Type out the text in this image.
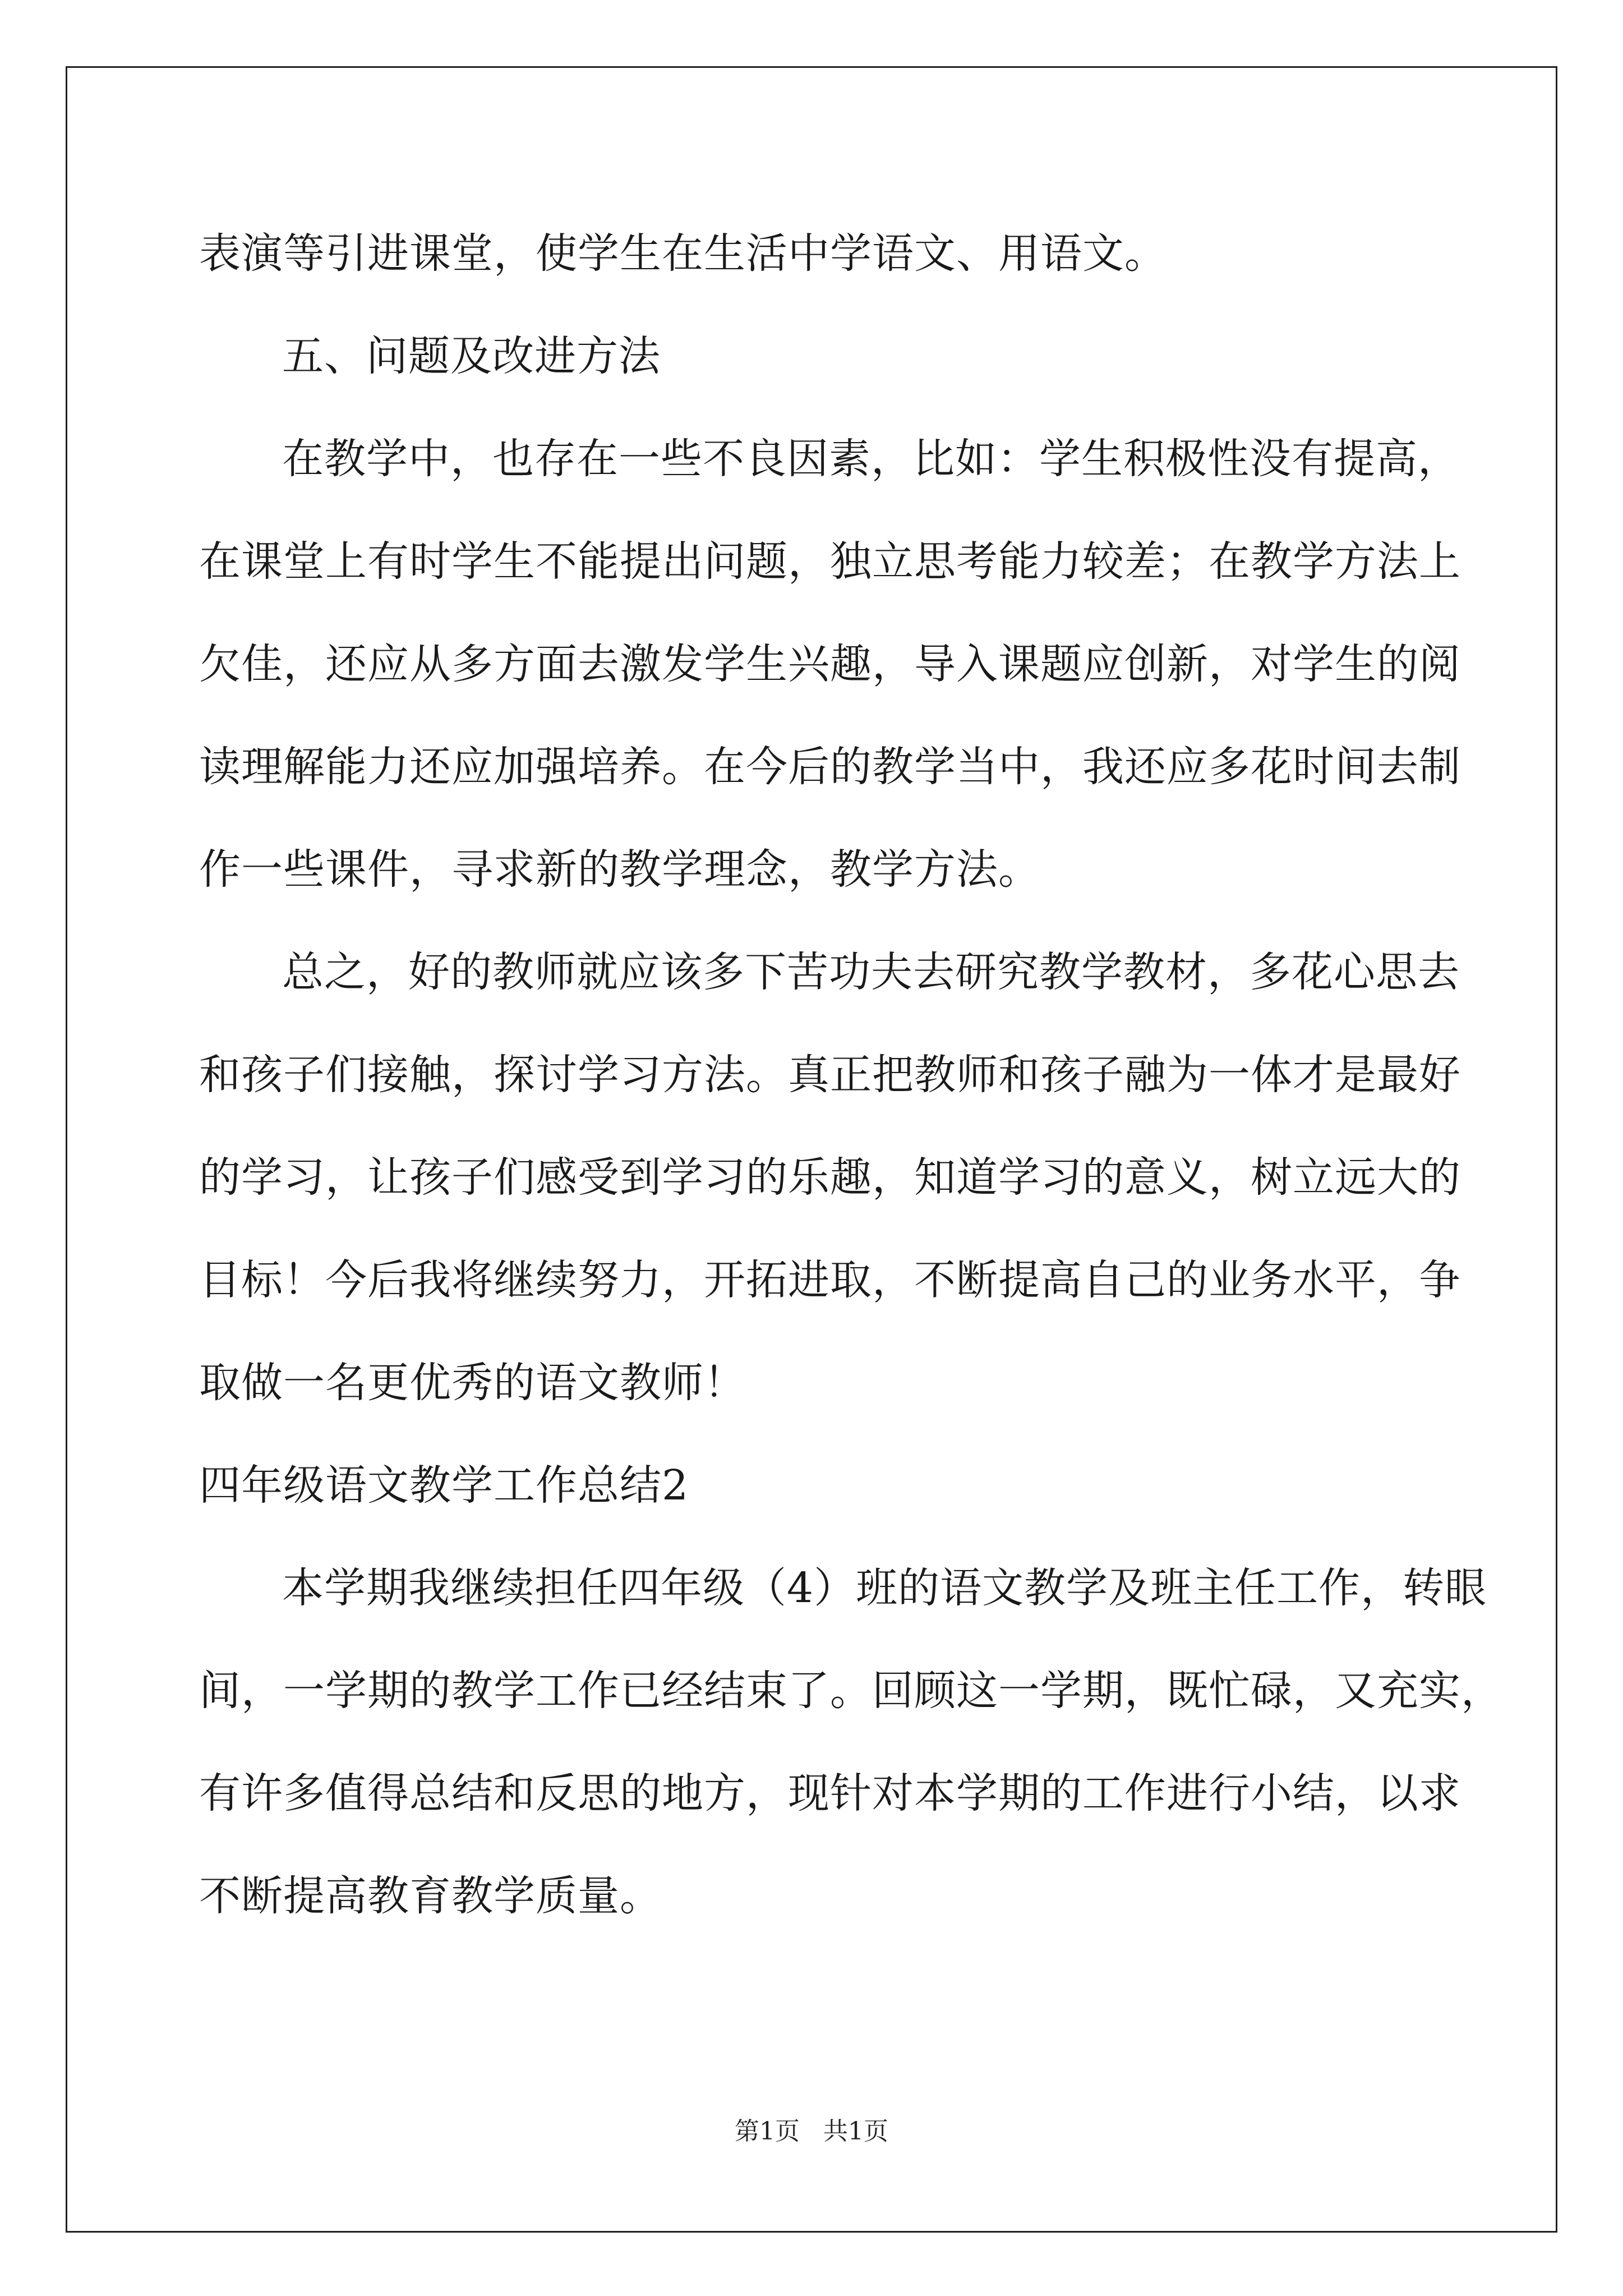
表演等引进课堂，使学生在生活中学语文、用语文。
五、问题及改进方法
在教学中，也存在一些不良因素，比如：学生积极性没有提高，
在课堂上有时学生不能提出问题，独立思考能力较差；在教学方法上
欠佳，还应从多方面去激发学生兴趣，导入课题应创新，对学生的阅
读理解能力还应加强培养。在今后的教学当中，我还应多花时间去制
作一些课件，寻求新的教学理念，教学方法。
总之，好的教师就应该多下苦功夫去研究教学教材，多花心思去
和孩子们接触，探讨学习方法。真正把教师和孩子融为一体才是最好
的学习，让孩子们感受到学习的乐趣，知道学习的意义，树立远大的
目标！今后我将继续努力，开拓进取，不断提高自己的业务水平，争
取做一名更优秀的语文教师！
四年级语文教学工作总结2
本学期我继续担任四年级（4）班的语文教学及班主任工作，转眼
间，一学期的教学工作已经结束了。回顾这一学期，既忙碌，又充实，
有许多值得总结和反思的地方，现针对本学期的工作进行小结，以求
不断提高教育教学质量。
第1页   共1页
